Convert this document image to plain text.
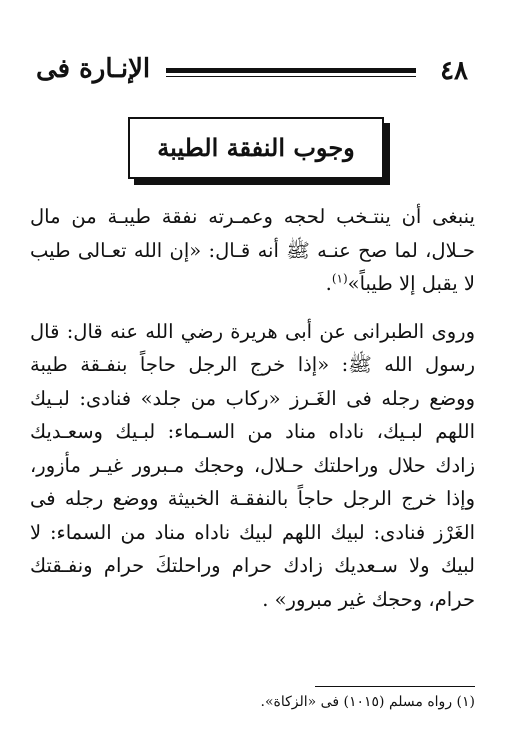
٤٨
الإنـارة فى
وجوب النفقة الطيبة

ينبغى أن ينتـخب لحجه وعمـرته نفقة طيبـة من مال حـلال، لما صح عنـه ﷺ أنه قـال: «إن الله تعـالى طيب لا يقبل إلا طيباً»$^{(١)}$.

وروى الطبرانى عن أبى هريرة رضي الله عنه قال: قال رسول الله ﷺ: «إذا خرج الرجل حاجاً بنفـقة طيبة ووضع رجله فى الغَـرز «ركاب من جلد» فنادى: لبـيك اللهم لبـيك، ناداه مناد من السـماء: لبـيك وسعـديك زادك حلال وراحلتك حـلال، وحجك مـبرور غيـر مأزور، وإذا خرج الرجل حاجاً بالنفقـة الخبيثة ووضع رجله فى الغَرْز فنادى: لبيك اللهم لبيك ناداه مناد من السماء: لا لبيك ولا سـعديك زادك حرام وراحلتكَ حرام ونفـقتك حرام، وحجك غير مبرور» .

(١) رواه مسلم (١٠١٥) فى «الزكاة».
